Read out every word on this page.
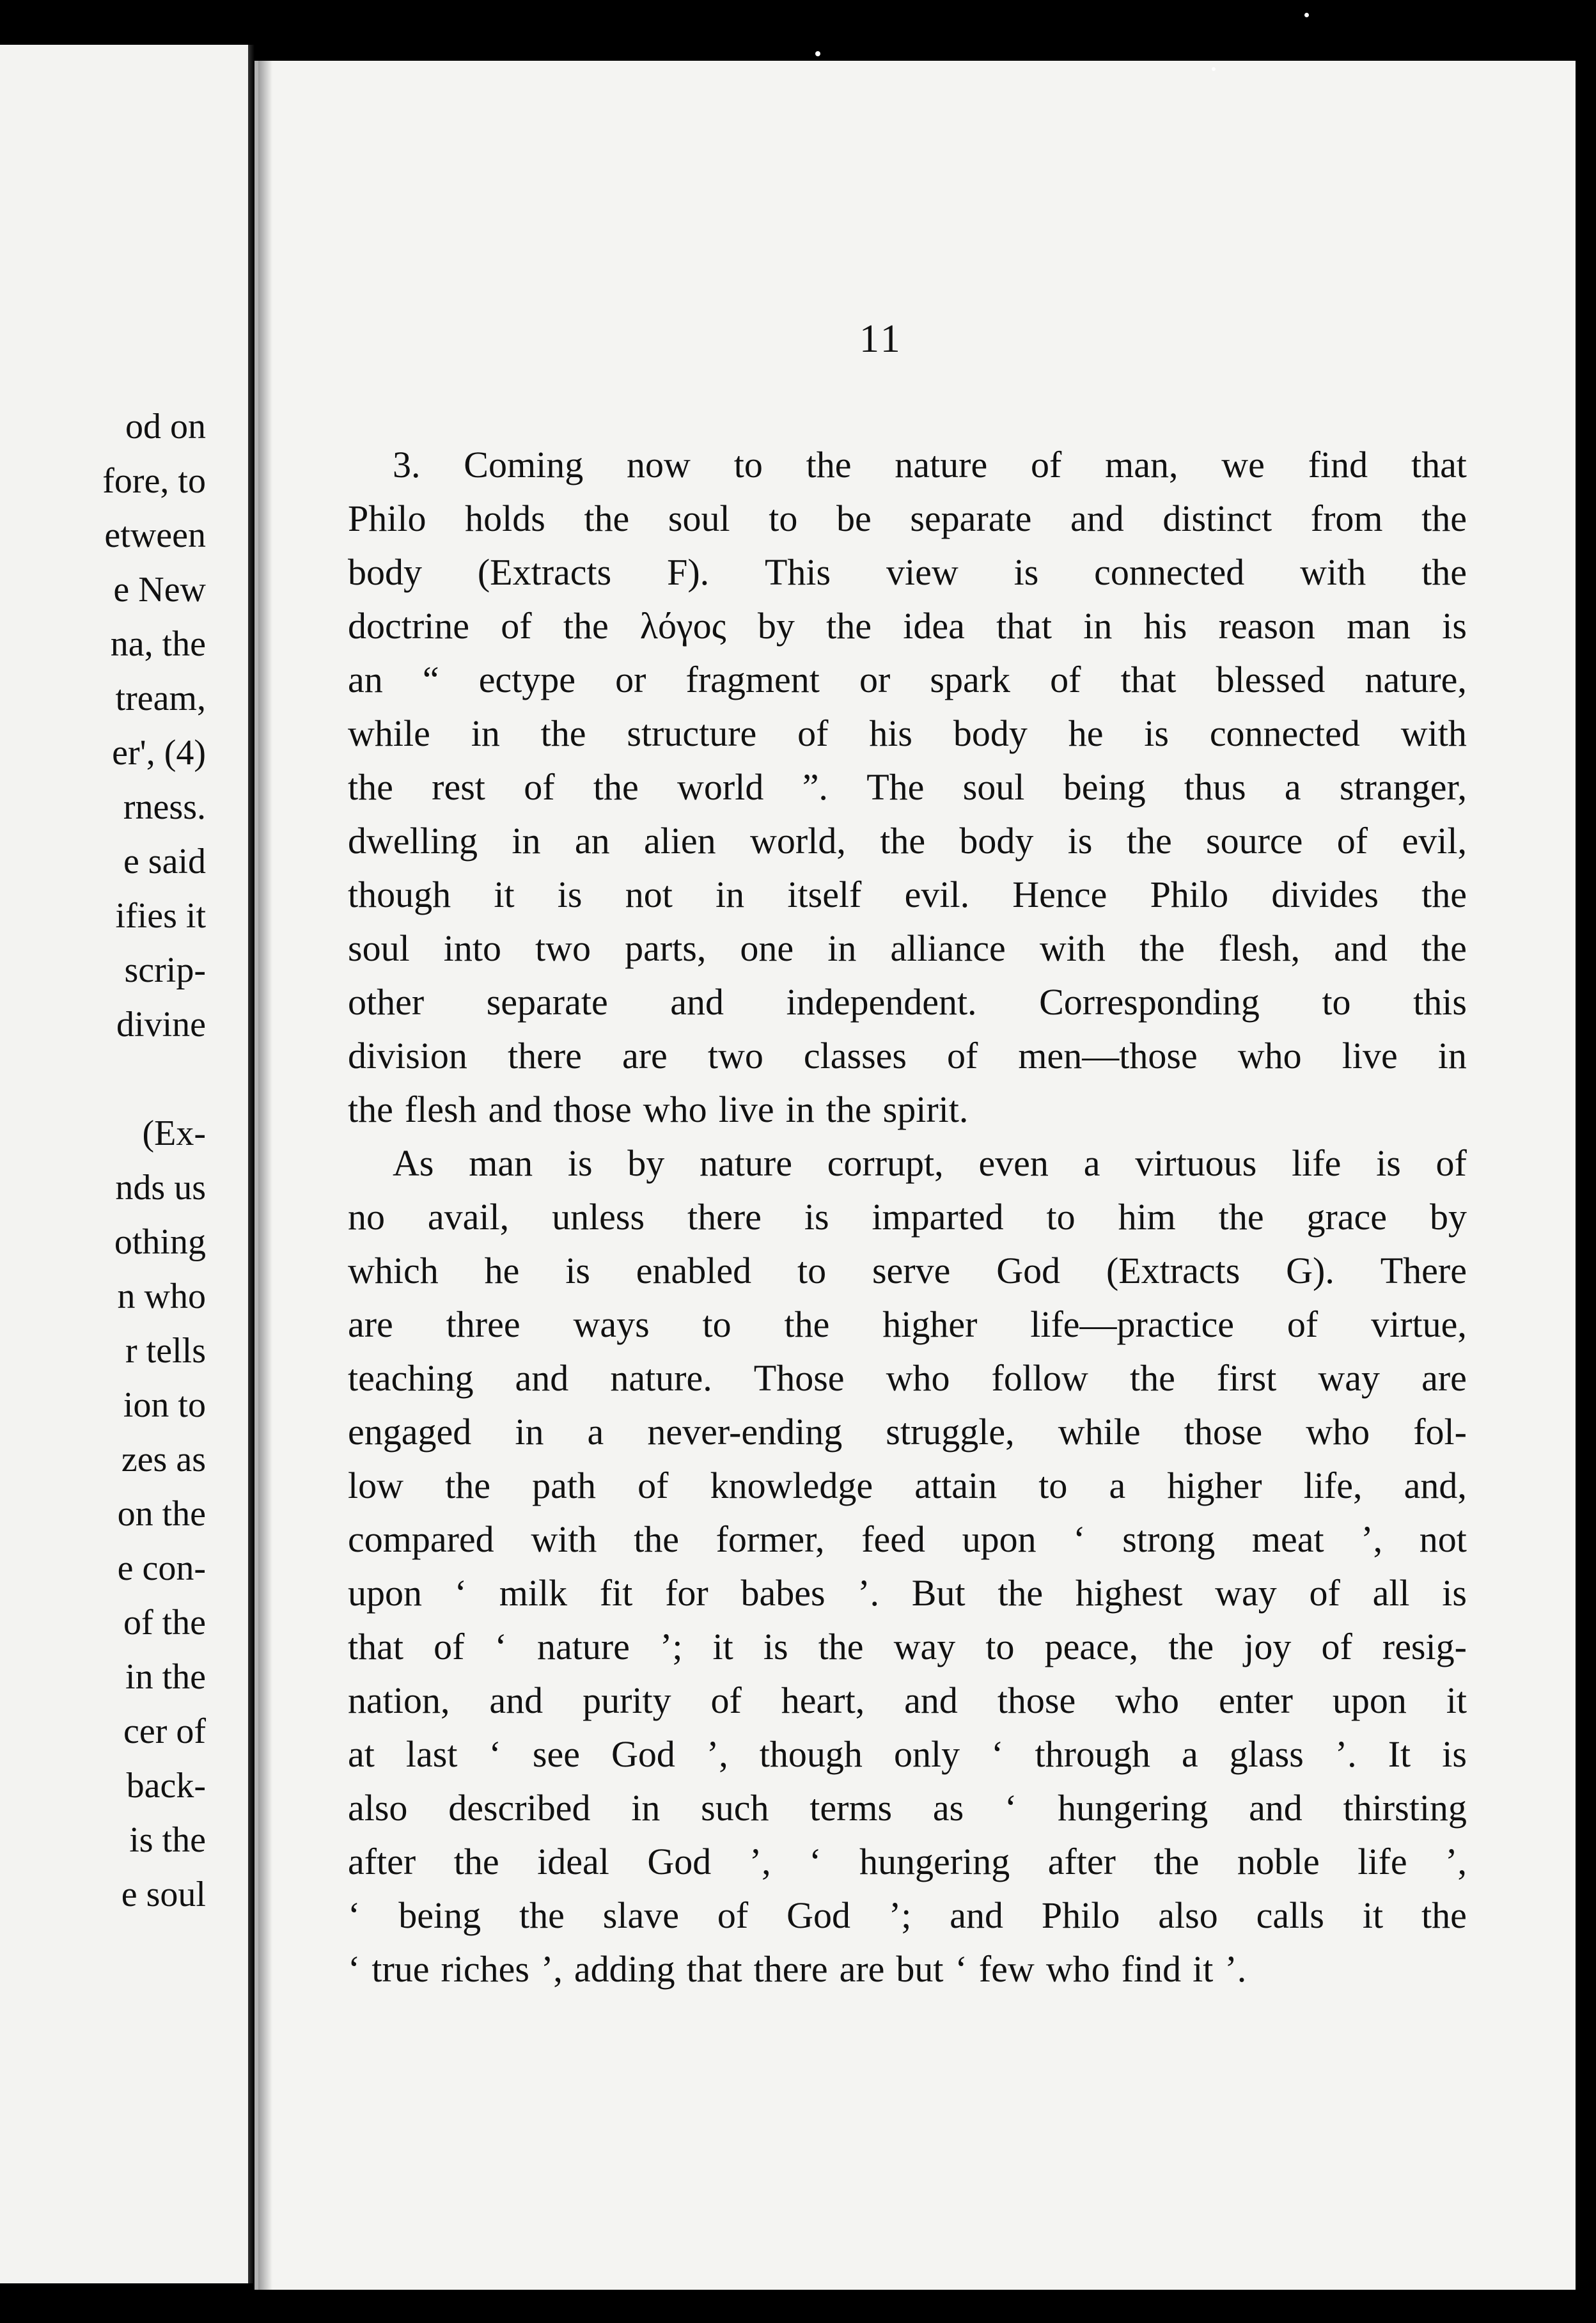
od on
fore, to
etween
e New
na, the
tream,
er', (4)
rness.
e said
ifies it
scrip-
divine
(Ex-
nds us
othing
n who
r tells
ion to
zes as
on the
e con-
of the
in the
cer of
back-
is the
e soul
11
3. Coming now to the nature of man, we find that
Philo holds the soul to be separate and distinct from the
body (Extracts F). This view is connected with the
doctrine of the λόγος by the idea that in his reason man is
an “ ectype or fragment or spark of that blessed nature,
while in the structure of his body he is connected with
the rest of the world ”. The soul being thus a stranger,
dwelling in an alien world, the body is the source of evil,
though it is not in itself evil. Hence Philo divides the
soul into two parts, one in alliance with the flesh, and the
other separate and independent. Corresponding to this
division there are two classes of men—those who live in
the flesh and those who live in the spirit.
As man is by nature corrupt, even a virtuous life is of
no avail, unless there is imparted to him the grace by
which he is enabled to serve God (Extracts G). There
are three ways to the higher life—practice of virtue,
teaching and nature. Those who follow the first way are
engaged in a never-ending struggle, while those who fol-
low the path of knowledge attain to a higher life, and,
compared with the former, feed upon ‘ strong meat ’, not
upon ‘ milk fit for babes ’. But the highest way of all is
that of ‘ nature ’; it is the way to peace, the joy of resig-
nation, and purity of heart, and those who enter upon it
at last ‘ see God ’, though only ‘ through a glass ’. It is
also described in such terms as ‘ hungering and thirsting
after the ideal God ’, ‘ hungering after the noble life ’,
‘ being the slave of God ’; and Philo also calls it the
‘ true riches ’, adding that there are but ‘ few who find it ’.
